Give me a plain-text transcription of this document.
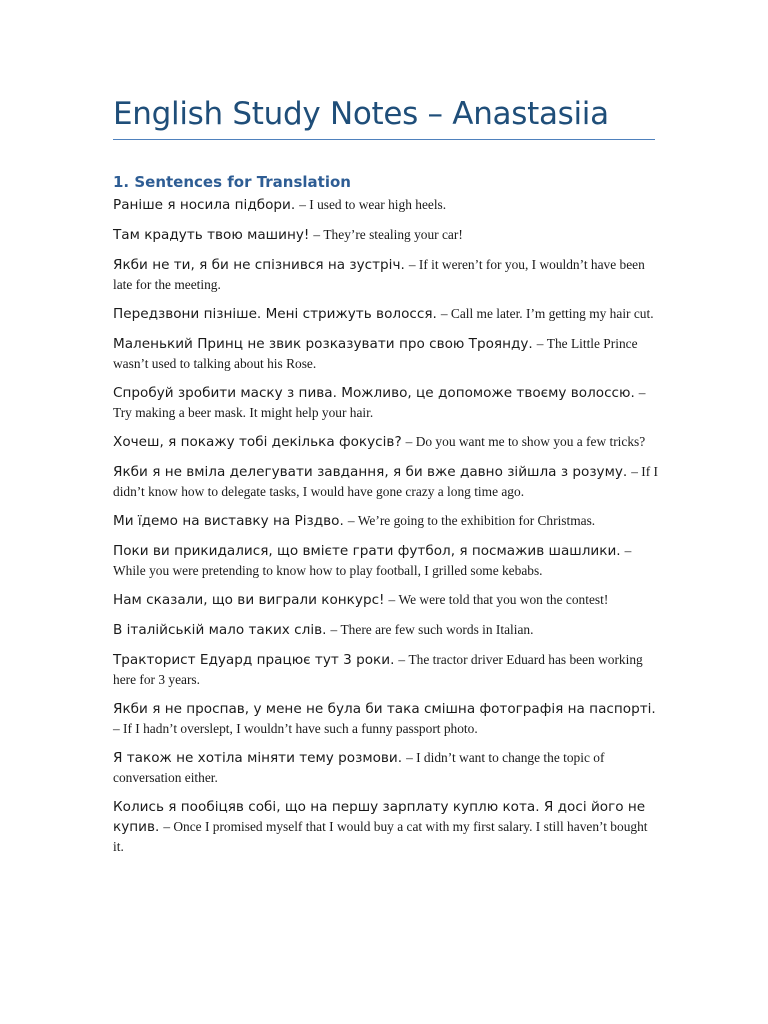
English Study Notes – Anastasiia
1. Sentences for Translation

Раніше я носила підбори. – I used to wear high heels.

Там крадуть твою машину! – They’re stealing your car!

Якби не ти, я би не спізнився на зустріч. – If it weren’t for you, I wouldn’t have been late for the meeting.

Передзвони пізніше. Мені стрижуть волосся. – Call me later. I’m getting my hair cut.

Маленький Принц не звик розказувати про свою Троянду. – The Little Prince wasn’t used to talking about his Rose.

Спробуй зробити маску з пива. Можливо, це допоможе твоєму волоссю. – Try making a beer mask. It might help your hair.

Хочеш, я покажу тобі декілька фокусів? – Do you want me to show you a few tricks?

Якби я не вміла делегувати завдання, я би вже давно зійшла з розуму. – If I didn’t know how to delegate tasks, I would have gone crazy a long time ago.

Ми їдемо на виставку на Різдво. – We’re going to the exhibition for Christmas.

Поки ви прикидалися, що вмієте грати футбол, я посмажив шашлики. – While you were pretending to know how to play football, I grilled some kebabs.

Нам сказали, що ви виграли конкурс! – We were told that you won the contest!

В італійській мало таких слів. – There are few such words in Italian.

Тракторист Едуард працює тут 3 роки. – The tractor driver Eduard has been working here for 3 years.

Якби я не проспав, у мене не була би така смішна фотографія на паспорті. – If I hadn’t overslept, I wouldn’t have such a funny passport photo.

Я також не хотіла міняти тему розмови. – I didn’t want to change the topic of conversation either.

Колись я пообіцяв собі, що на першу зарплату куплю кота. Я досі його не купив. – Once I promised myself that I would buy a cat with my first salary. I still haven’t bought it.
